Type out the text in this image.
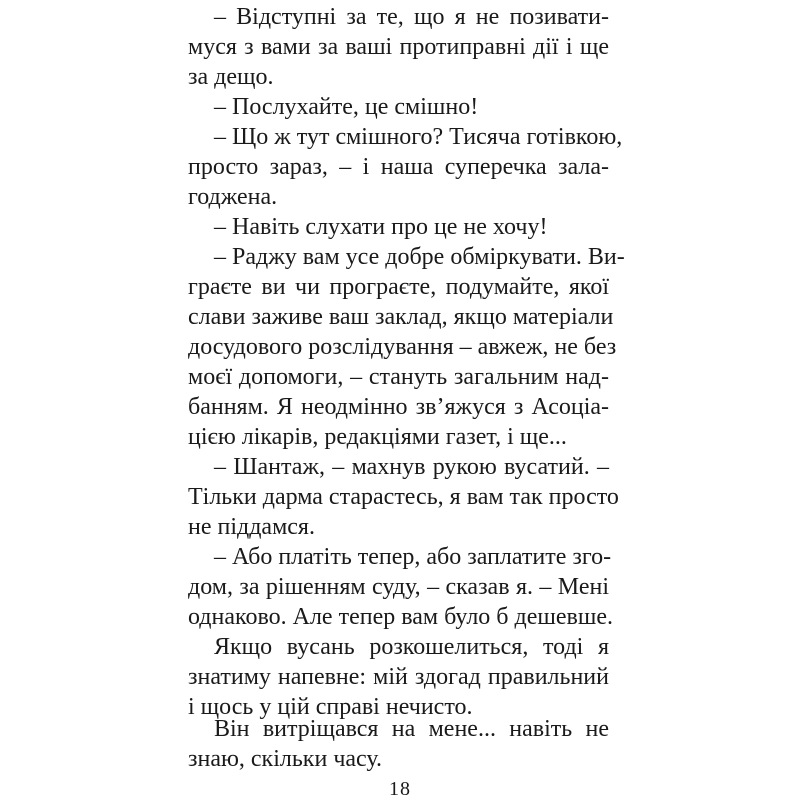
– Відступні за те, що я не позивати-
муся з вами за ваші протиправні дії і ще
за дещо.
– Послухайте, це смішно!
– Що ж тут смішного? Тисяча готівкою,
просто зараз, – і наша суперечка зала-
годжена.
– Навіть слухати про це не хочу!
– Раджу вам усе добре обміркувати. Ви-
граєте ви чи програєте, подумайте, якої
слави заживе ваш заклад, якщо матеріали
досудового розслідування – авжеж, не без
моєї допомоги, – стануть загальним над-
банням. Я неодмінно зв’яжуся з Асоціа-
цією лікарів, редакціями газет, і ще...
– Шантаж, – махнув рукою вусатий. –
Тільки дарма старастесь, я вам так просто
не піддамся.
– Або платіть тепер, або заплатите зго-
дом, за рішенням суду, – сказав я. – Мені
однаково. Але тепер вам було б дешевше.
Якщо вусань розкошелиться, тоді я
знатиму напевне: мій здогад правильний
і щось у цій справі нечисто.
Він витріщався на мене... навіть не
знаю, скільки часу.
18
